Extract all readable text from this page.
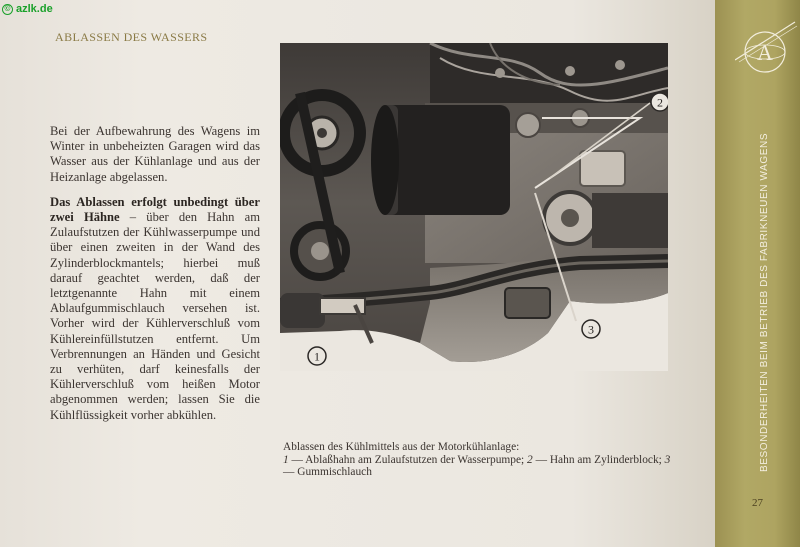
© azlk.de
ABLASSEN DES WASSERS

Bei der Aufbewahrung des Wagens im Winter in unbeheizten Garagen wird das Wasser aus der Kühlanlage und aus der Heizanlage abgelassen.

Das Ablassen erfolgt unbedingt über zwei Hähne – über den Hahn am Zulaufstutzen der Kühlwasserpumpe und über einen zweiten in der Wand des Zylinderblockmantels; hierbei muß darauf geachtet werden, daß der letztgenannte Hahn mit einem Ablaufgummischlauch versehen ist. Vorher wird der Kühlerverschluß vom Kühlereinfüllstutzen entfernt. Um Verbrennungen an Händen und Gesicht zu verhüten, darf keinesfalls der Kühlerverschluß vom heißen Motor abgenommen werden; lassen Sie die Kühlflüssigkeit vorher abkühlen.

2
3
1
Ablassen des Kühlmittels aus der Motorkühlanlage:
1 — Ablaßhahn am Zulaufstutzen der Wasserpumpe; 2 — Hahn am Zylinderblock; 3 — Gummischlauch
A
BESONDERHEITEN BEIM BETRIEB DES FABRIKNEUEN WAGENS
27
